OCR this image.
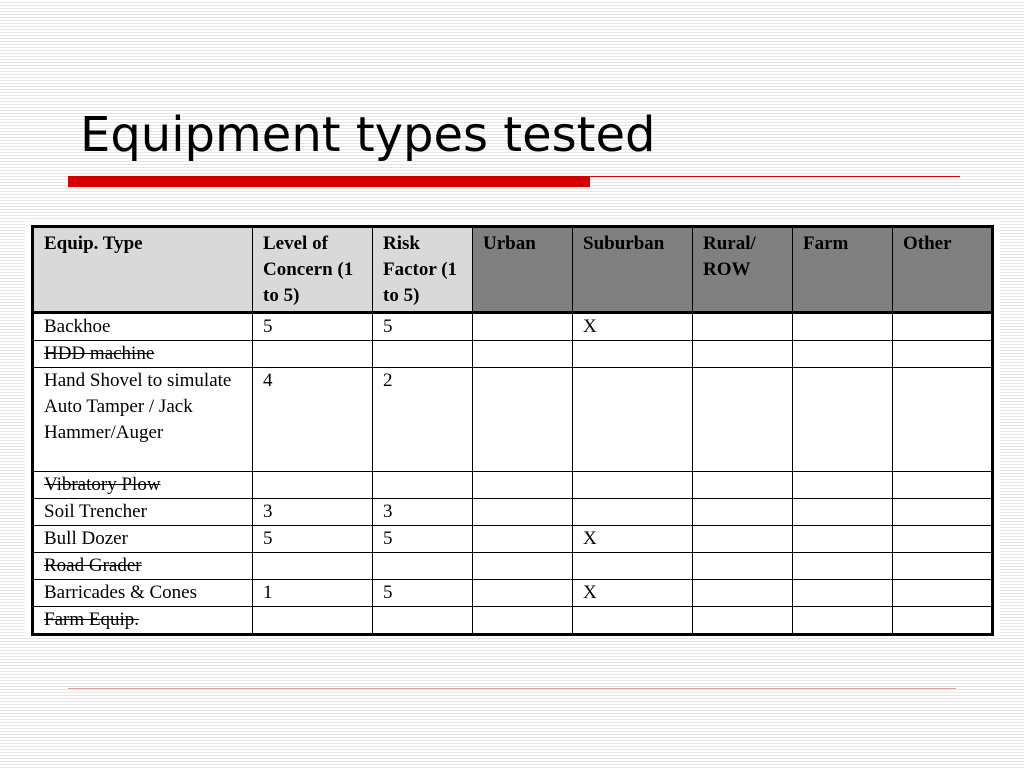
Equipment types tested
Equip. Type	Level of Concern (1 to 5)	Risk Factor (1 to 5)	Urban	Suburban	Rural/ ROW	Farm	Other
Backhoe	5	5		X			
HDD machine							
Hand Shovel to simulate Auto Tamper / Jack Hammer/Auger	4	2					
Vibratory Plow							
Soil Trencher	3	3					
Bull Dozer	5	5		X			
Road Grader							
Barricades & Cones	1	5		X			
Farm Equip.							
